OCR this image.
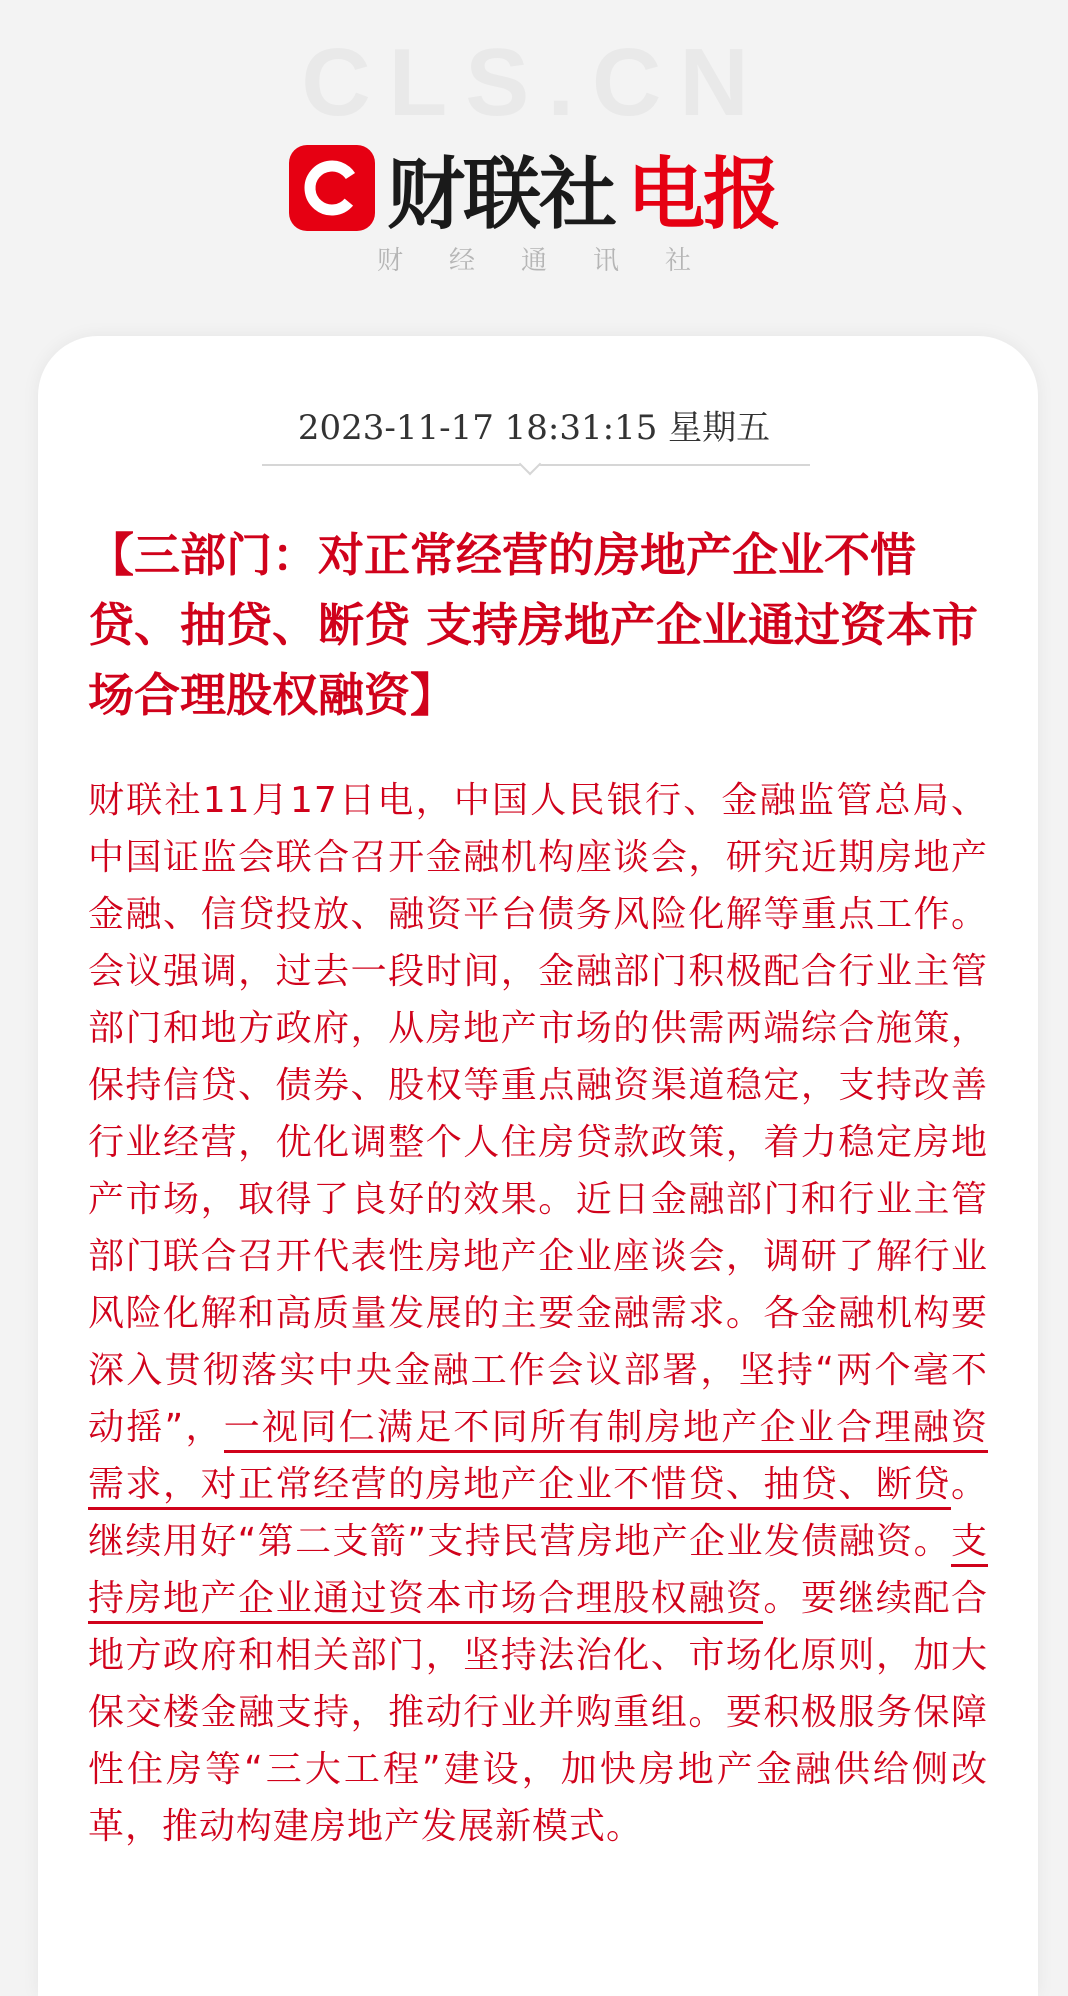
CLS.CN
财联社 电报
财经通讯社
2023-11-17 18:31:15 星期五
【三部门：对正常经营的房地产企业不惜贷、抽贷、断贷 支持房地产企业通过资本市场合理股权融资】

财联社11月17日电，中国人民银行、金融监管总局、中国证监会联合召开金融机构座谈会，研究近期房地产金融、信贷投放、融资平台债务风险化解等重点工作。会议强调，过去一段时间，金融部门积极配合行业主管部门和地方政府，从房地产市场的供需两端综合施策，保持信贷、债券、股权等重点融资渠道稳定，支持改善行业经营，优化调整个人住房贷款政策，着力稳定房地产市场，取得了良好的效果。近日金融部门和行业主管部门联合召开代表性房地产企业座谈会，调研了解行业风险化解和高质量发展的主要金融需求。各金融机构要深入贯彻落实中央金融工作会议部署，坚持“两个毫不动摇”，一视同仁满足不同所有制房地产企业合理融资需求，对正常经营的房地产企业不惜贷、抽贷、断贷。继续用好“第二支箭”支持民营房地产企业发债融资。支持房地产企业通过资本市场合理股权融资。要继续配合地方政府和相关部门，坚持法治化、市场化原则，加大保交楼金融支持，推动行业并购重组。要积极服务保障性住房等“三大工程”建设，加快房地产金融供给侧改革，推动构建房地产发展新模式。
